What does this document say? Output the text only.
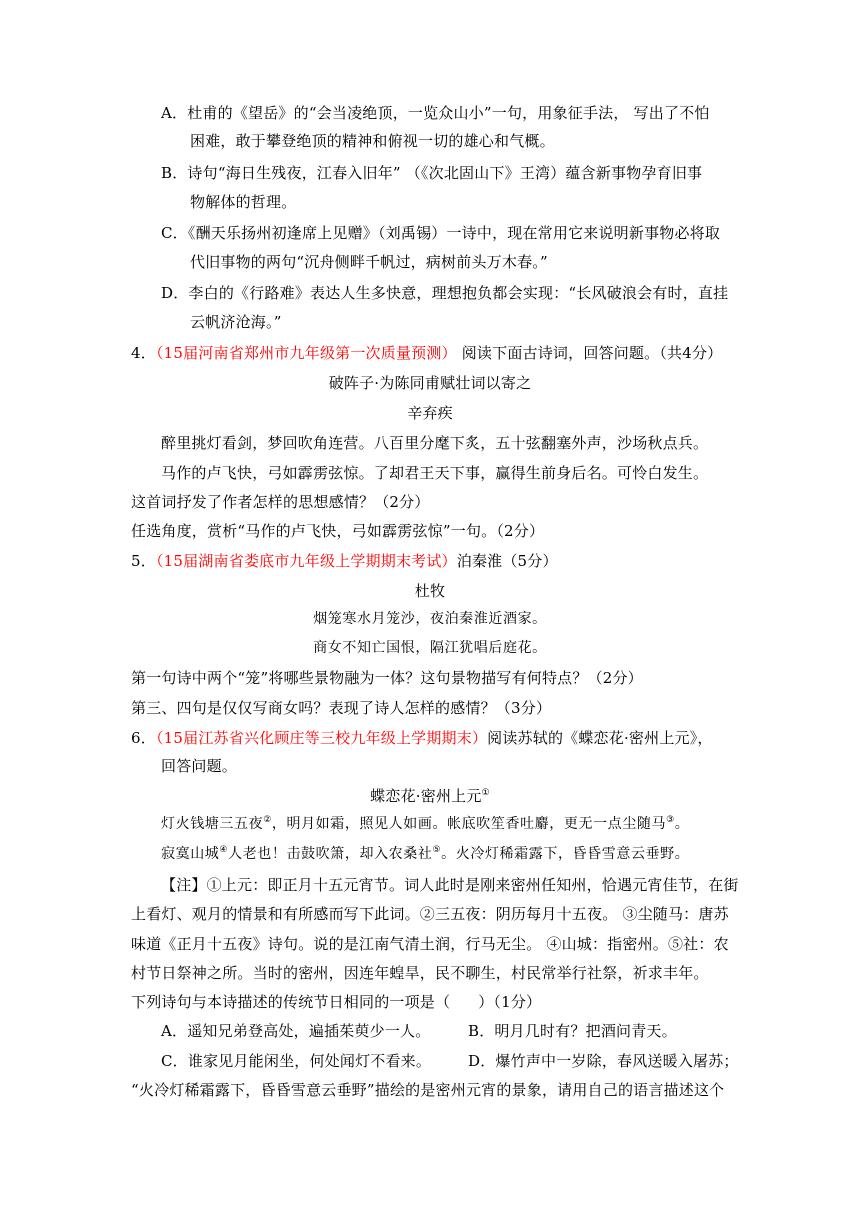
A．杜甫的《望岳》的“会当凌绝顶，一览众山小”一句，用象征手法， 写出了不怕
困难，敢于攀登绝顶的精神和俯视一切的雄心和气概。
B．诗句“海日生残夜，江春入旧年” （《次北固山下》王湾）蕴含新事物孕育旧事
物解体的哲理。
C．《酬天乐扬州初逢席上见赠》（刘禹锡）一诗中，现在常用它来说明新事物必将取
代旧事物的两句“沉舟侧畔千帆过，病树前头万木春。”
D．李白的《行路难》表达人生多快意，理想抱负都会实现：“长风破浪会有时，直挂
云帆济沧海。”
4．（15届河南省郑州市九年级第一次质量预测） 阅读下面古诗词，回答问题。（共4分）
破阵子·为陈同甫赋壮词以寄之
辛弃疾
醉里挑灯看剑，梦回吹角连营。八百里分麾下炙，五十弦翻塞外声，沙场秋点兵。
马作的卢飞快，弓如霹雳弦惊。了却君王天下事，赢得生前身后名。可怜白发生。
这首词抒发了作者怎样的思想感情？（2分）
任选角度，赏析“马作的卢飞快，弓如霹雳弦惊”一句。（2分）
5．（15届湖南省娄底市九年级上学期期末考试）泊秦淮（5分）
杜牧
烟笼寒水月笼沙，夜泊秦淮近酒家。
商女不知亡国恨，隔江犹唱后庭花。
第一句诗中两个“笼”将哪些景物融为一体？这句景物描写有何特点？（2分）
第三、四句是仅仅写商女吗？表现了诗人怎样的感情？（3分）
6．（15届江苏省兴化顾庄等三校九年级上学期期末）阅读苏轼的《蝶恋花·密州上元》，
回答问题。
蝶恋花·密州上元①
灯火钱塘三五夜②，明月如霜，照见人如画。帐底吹笙香吐麝，更无一点尘随马③。
寂寞山城④人老也！击鼓吹箫，却入农桑社⑤。火冷灯稀霜露下，昏昏雪意云垂野。
【注】①上元：即正月十五元宵节。词人此时是刚来密州任知州，恰遇元宵佳节，在街
上看灯、观月的情景和有所感而写下此词。②三五夜：阴历每月十五夜。 ③尘随马：唐苏
味道《正月十五夜》诗句。说的是江南气清土润，行马无尘。 ④山城：指密州。⑤社：农
村节日祭神之所。当时的密州，因连年蝗旱，民不聊生，村民常举行社祭，祈求丰年。
下列诗句与本诗描述的传统节日相同的一项是（ ）（1分）
A．遥知兄弟登高处，遍插茱萸少一人。	B．明月几时有？把酒问青天。
C．谁家见月能闲坐，何处闻灯不看来。 D．爆竹声中一岁除，春风送暖入屠苏；
“火冷灯稀霜露下，昏昏雪意云垂野”描绘的是密州元宵的景象，请用自己的语言描述这个
